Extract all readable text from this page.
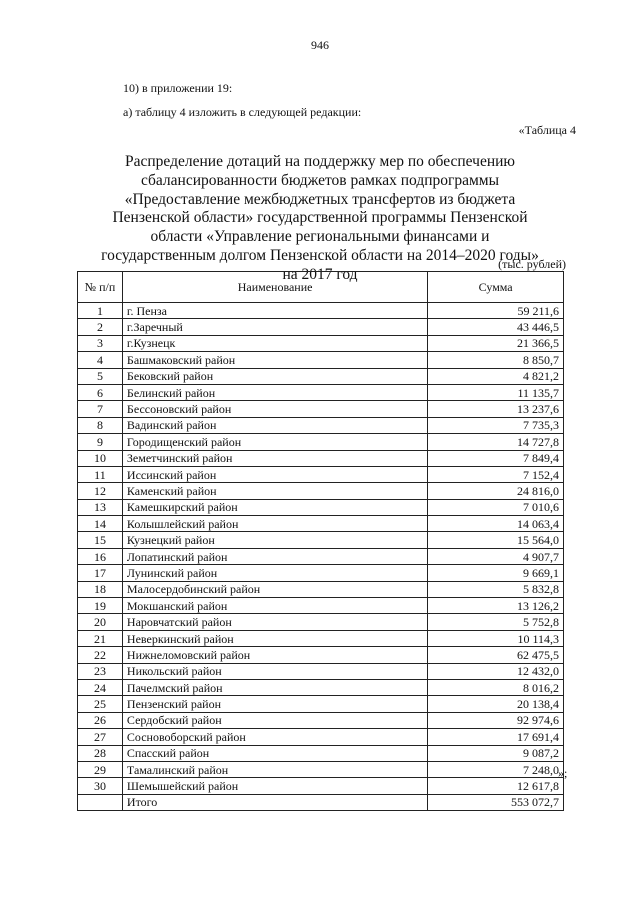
946
10) в приложении 19:
а) таблицу 4 изложить в следующей редакции:
«Таблица 4
Распределение дотаций на поддержку мер по обеспечению сбалансированности бюджетов рамках подпрограммы «Предоставление межбюджетных трансфертов из бюджета Пензенской области» государственной программы Пензенской области «Управление региональными финансами и государственным долгом Пензенской области на 2014–2020 годы» на 2017 год
(тыс. рублей)
№ п/п	Наименование	Сумма
1	г. Пенза	59 211,6
2	г.Заречный	43 446,5
3	г.Кузнецк	21 366,5
4	Башмаковский район	8 850,7
5	Бековский район	4 821,2
6	Белинский район	11 135,7
7	Бессоновский район	13 237,6
8	Вадинский район	7 735,3
9	Городищенский район	14 727,8
10	Земетчинский район	7 849,4
11	Иссинский район	7 152,4
12	Каменский район	24 816,0
13	Камешкирский район	7 010,6
14	Колышлейский район	14 063,4
15	Кузнецкий район	15 564,0
16	Лопатинский район	4 907,7
17	Лунинский район	9 669,1
18	Малосердобинский район	5 832,8
19	Мокшанский район	13 126,2
20	Наровчатский район	5 752,8
21	Неверкинский район	10 114,3
22	Нижнеломовский район	62 475,5
23	Никольский район	12 432,0
24	Пачелмский район	8 016,2
25	Пензенский район	20 138,4
26	Сердобский район	92 974,6
27	Сосновоборский район	17 691,4
28	Спасский район	9 087,2
29	Тамалинский район	7 248,0
30	Шемышейский район	12 617,8
	Итого	553 072,7
»;
